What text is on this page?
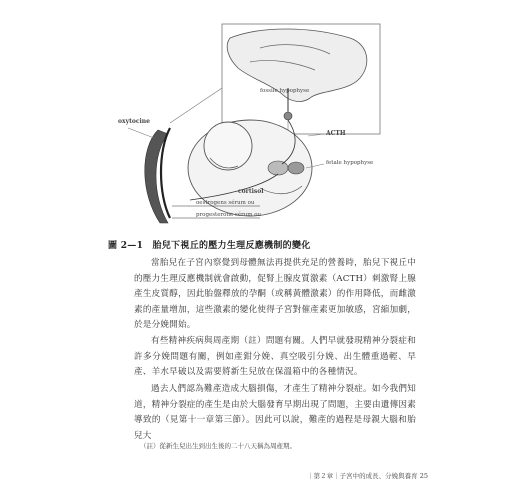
fossile hypophyse
oxytocine
ACTH
fetale hypophyse
cortisol
oestrogens sérum ou
progesterone sérum ou
圖 2—1　胎兒下視丘的壓力生理反應機制的變化

當胎兒在子宮內察覺到母體無法再提供充足的營養時，胎兒下視丘中的壓力生理反應機制就會啟動，促腎上腺皮質激素（ACTH）刺激腎上腺產生皮質醇，因此胎盤釋放的孕酮（或稱黃體激素）的作用降低，而雌激素的產量增加，這些激素的變化使得子宮對催產素更加敏感，宮縮加劇，於是分娩開始。

有些精神疾病與周產期（註）問題有關。人們早就發現精神分裂症和許多分娩問題有關，例如產鉗分娩、真空吸引分娩、出生體重過輕、早產、羊水早破以及需要將新生兒放在保溫箱中的各種情況。

過去人們認為難產造成大腦損傷，才產生了精神分裂症。如今我們知道，精神分裂症的產生是由於大腦發育早期出現了問題，主要由遺傳因素導致的（見第十一章第三節）。因此可以說，難產的過程是母親大腦和胎兒大

（註）從新生兒出生到出生後的二十八天稱為周產期。
｜第２章｜子宮中的成長、分娩與養育 25
